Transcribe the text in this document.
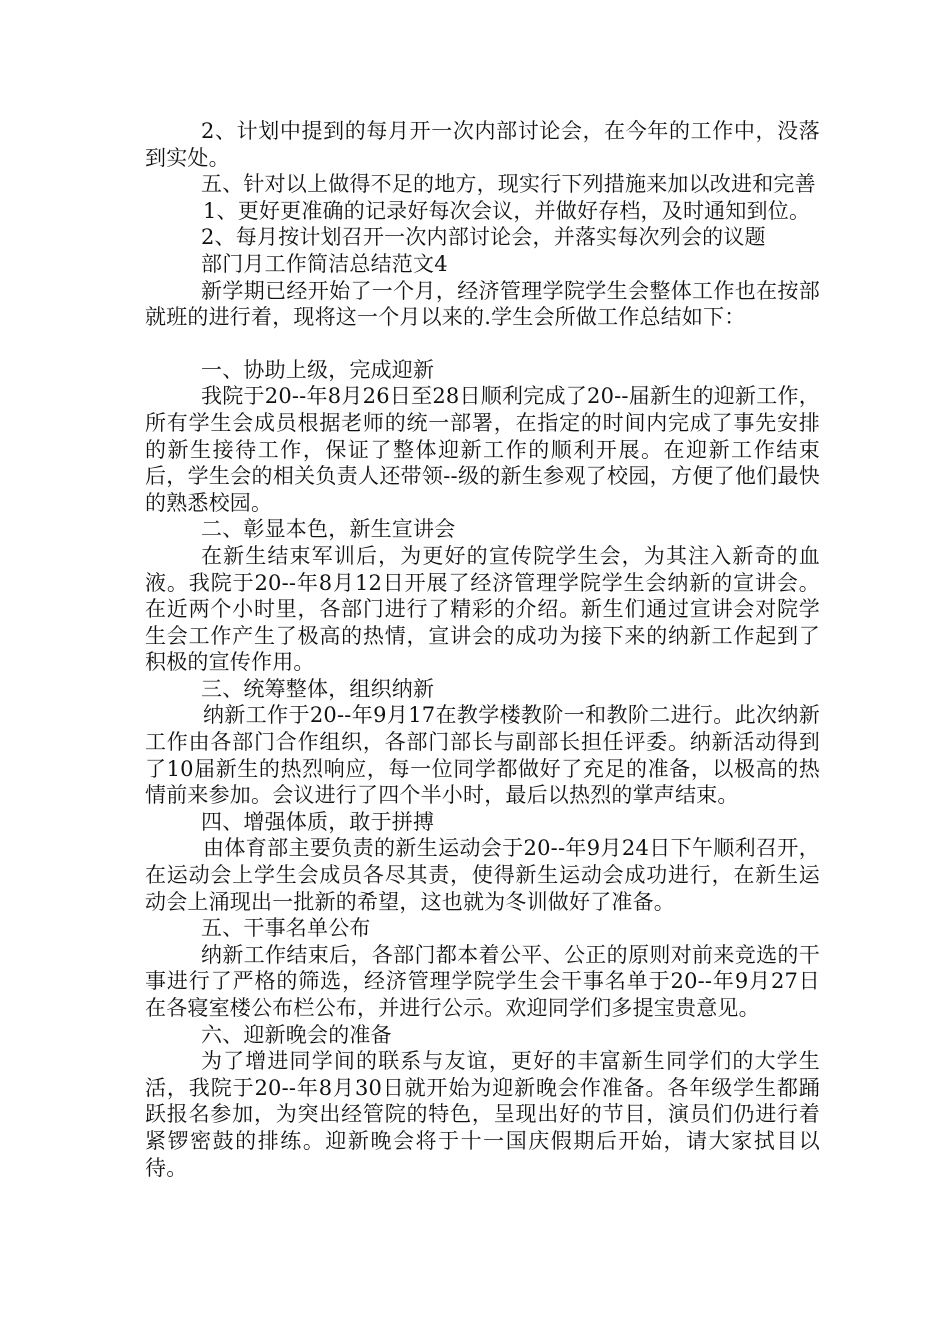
2、计划中提到的每月开一次内部讨论会，在今年的工作中，没落到实处。

五、针对以上做得不足的地方，现实行下列措施来加以改进和完善

1、更好更准确的记录好每次会议，并做好存档，及时通知到位。

2、每月按计划召开一次内部讨论会，并落实每次列会的议题

部门月工作简洁总结范文4

新学期已经开始了一个月，经济管理学院学生会整体工作也在按部就班的进行着，现将这一个月以来的.学生会所做工作总结如下：

一、协助上级，完成迎新

我院于20--年8月26日至28日顺利完成了20--届新生的迎新工作，所有学生会成员根据老师的统一部署，在指定的时间内完成了事先安排的新生接待工作，保证了整体迎新工作的顺利开展。在迎新工作结束后，学生会的相关负责人还带领--级的新生参观了校园，方便了他们最快的熟悉校园。

二、彰显本色，新生宣讲会

在新生结束军训后，为更好的宣传院学生会，为其注入新奇的血液。我院于20--年8月12日开展了经济管理学院学生会纳新的宣讲会。在近两个小时里，各部门进行了精彩的介绍。新生们通过宣讲会对院学生会工作产生了极高的热情，宣讲会的成功为接下来的纳新工作起到了积极的宣传作用。

三、统筹整体，组织纳新

纳新工作于20--年9月17在教学楼教阶一和教阶二进行。此次纳新工作由各部门合作组织，各部门部长与副部长担任评委。纳新活动得到了10届新生的热烈响应，每一位同学都做好了充足的准备，以极高的热情前来参加。会议进行了四个半小时，最后以热烈的掌声结束。

四、增强体质，敢于拼搏

由体育部主要负责的新生运动会于20--年9月24日下午顺利召开，在运动会上学生会成员各尽其责，使得新生运动会成功进行，在新生运动会上涌现出一批新的希望，这也就为冬训做好了准备。

五、干事名单公布

纳新工作结束后，各部门都本着公平、公正的原则对前来竞选的干事进行了严格的筛选，经济管理学院学生会干事名单于20--年9月27日在各寝室楼公布栏公布，并进行公示。欢迎同学们多提宝贵意见。

六、迎新晚会的准备

为了增进同学间的联系与友谊，更好的丰富新生同学们的大学生活，我院于20--年8月30日就开始为迎新晚会作准备。各年级学生都踊跃报名参加，为突出经管院的特色，呈现出好的节目，演员们仍进行着紧锣密鼓的排练。迎新晚会将于十一国庆假期后开始，请大家拭目以待。
